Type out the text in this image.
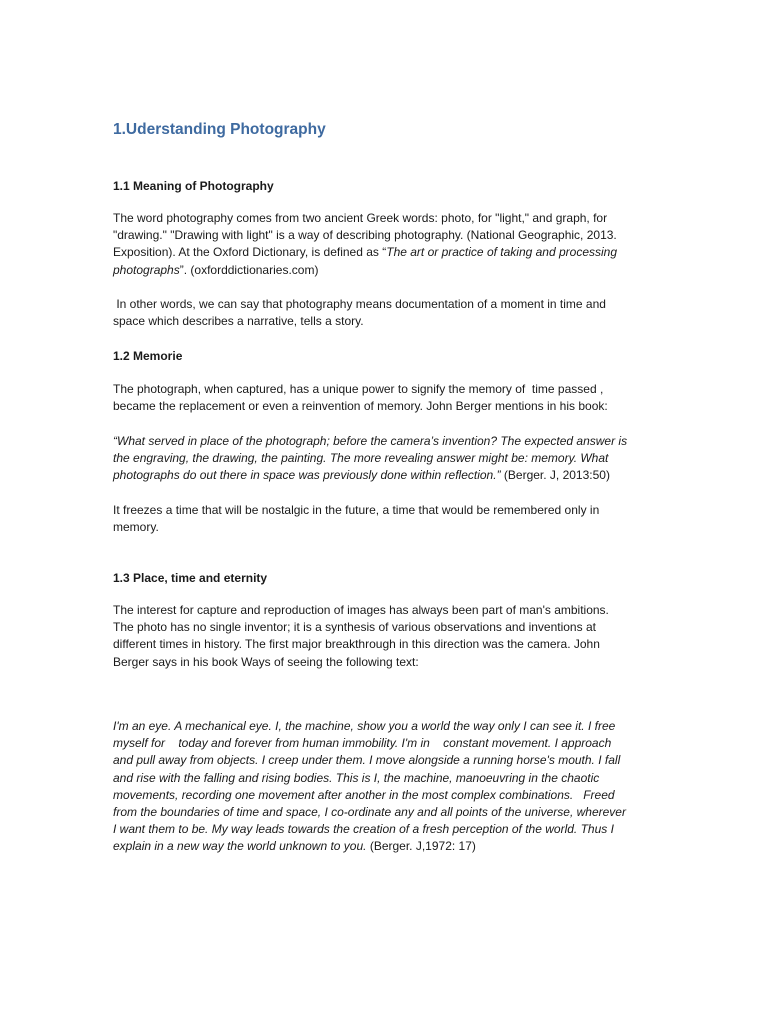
1.Uderstanding Photography
1.1 Meaning of Photography
The word photography comes from two ancient Greek words: photo, for "light," and graph, for
"drawing." "Drawing with light" is a way of describing photography. (National Geographic, 2013.
Exposition). At the Oxford Dictionary, is defined as “The art or practice of taking and processing
photographs”. (oxforddictionaries.com)
In other words, we can say that photography means documentation of a moment in time and
space which describes a narrative, tells a story.
1.2 Memorie
The photograph, when captured, has a unique power to signify the memory of  time passed ,
became the replacement or even a reinvention of memory. John Berger mentions in his book:
“What served in place of the photograph; before the camera’s invention? The expected answer is
the engraving, the drawing, the painting. The more revealing answer might be: memory. What
photographs do out there in space was previously done within reflection.” (Berger. J, 2013:50)
It freezes a time that will be nostalgic in the future, a time that would be remembered only in
memory.
1.3 Place, time and eternity
The interest for capture and reproduction of images has always been part of man's ambitions.
The photo has no single inventor; it is a synthesis of various observations and inventions at
different times in history. The first major breakthrough in this direction was the camera. John
Berger says in his book Ways of seeing the following text:
I'm an eye. A mechanical eye. I, the machine, show you a world the way only I can see it. I free
myself for    today and forever from human immobility. I'm in    constant movement. I approach
and pull away from objects. I creep under them. I move alongside a running horse's mouth. I fall
and rise with the falling and rising bodies. This is I, the machine, manoeuvring in the chaotic
movements, recording one movement after another in the most complex combinations.   Freed
from the boundaries of time and space, I co-ordinate any and all points of the universe, wherever
I want them to be. My way leads towards the creation of a fresh perception of the world. Thus I
explain in a new way the world unknown to you. (Berger. J,1972: 17)
